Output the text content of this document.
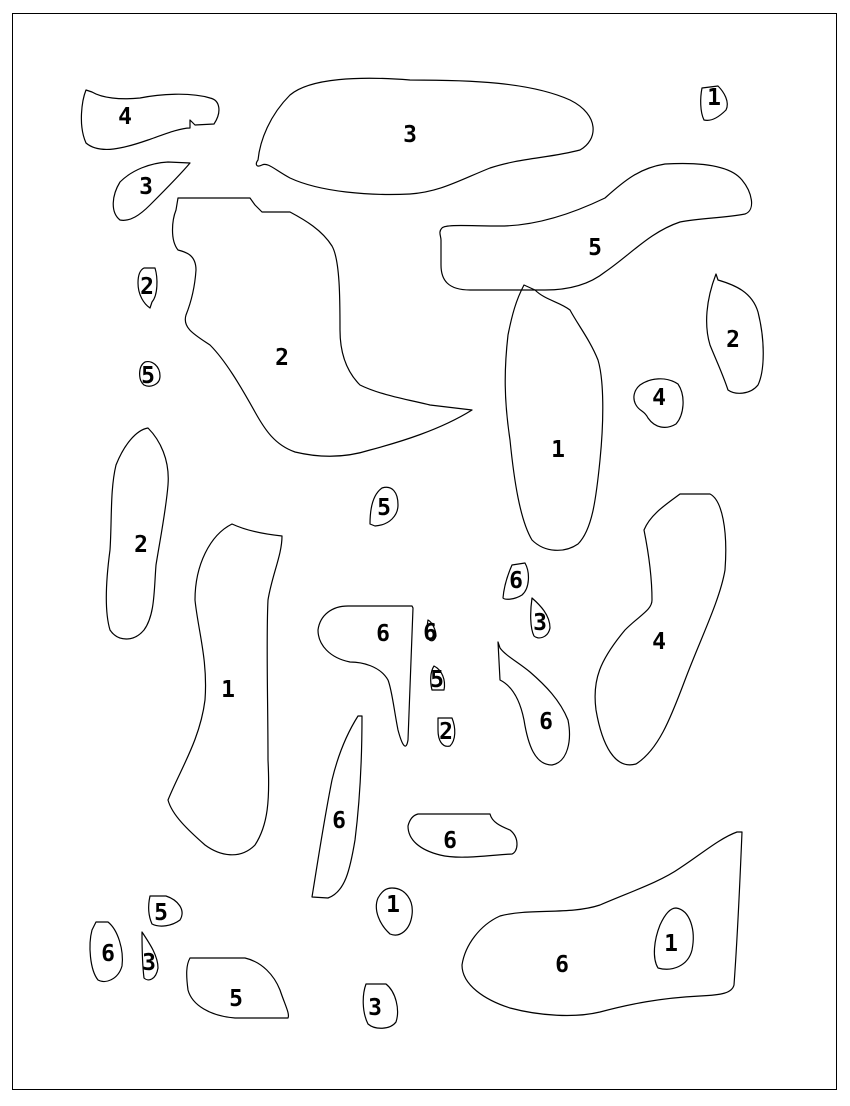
4
3
1
3
5
2
2
5
4
2
1
2
5
6
3
1
6 6	4
5
2	6
6
6
1
5
1
6
3
6
5	3
